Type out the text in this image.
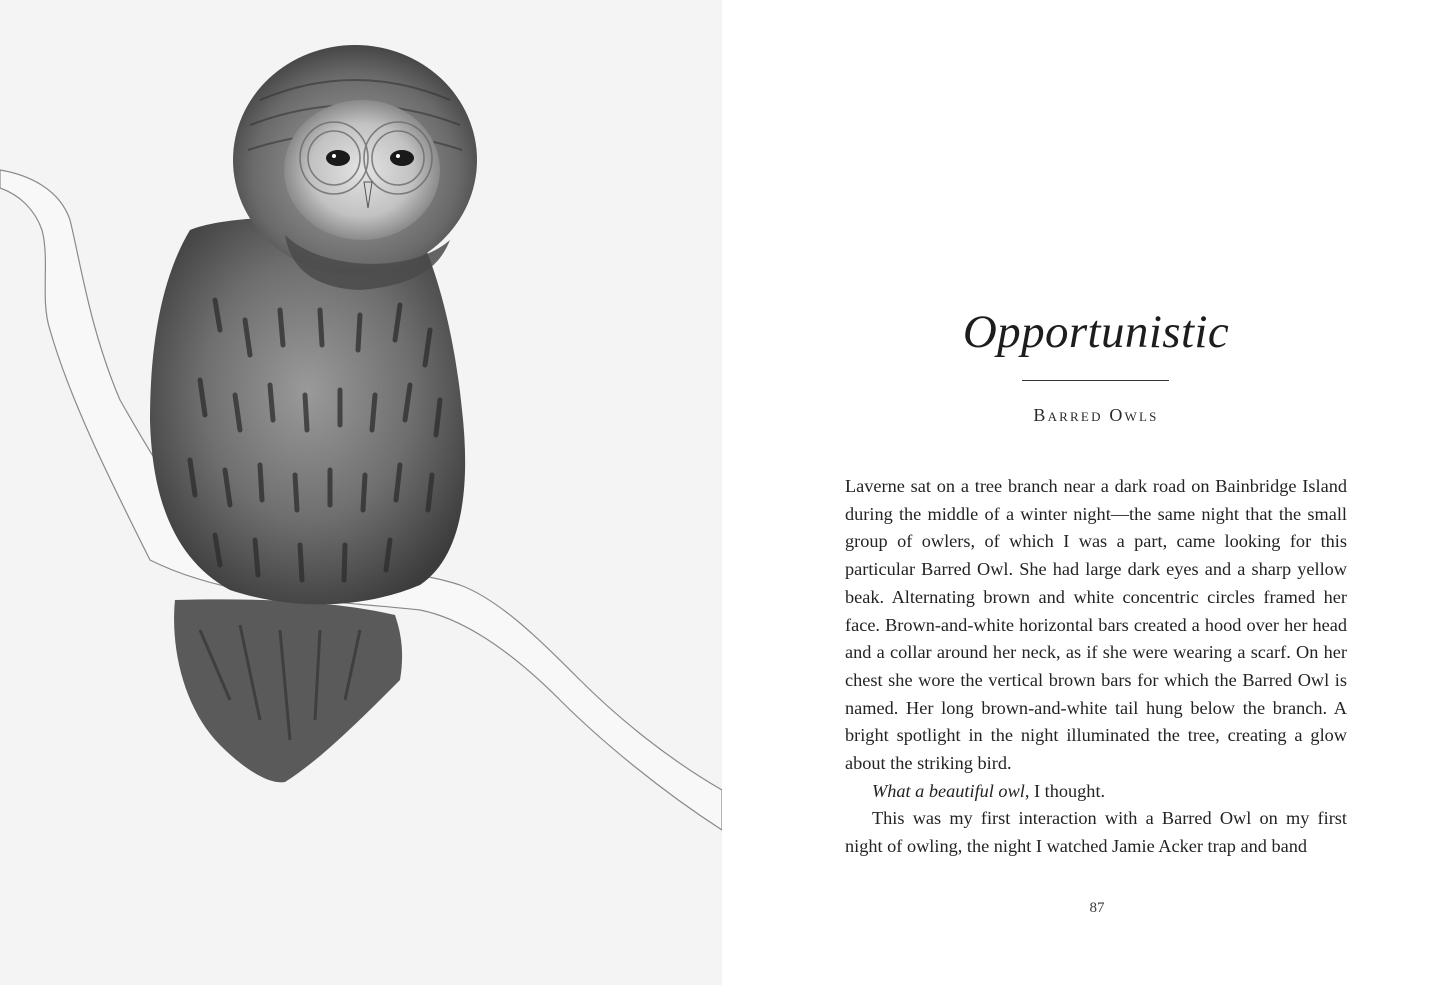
Opportunistic
Barred Owls

Laverne sat on a tree branch near a dark road on Bainbridge Island during the middle of a winter night—the same night that the small group of owlers, of which I was a part, came looking for this particular Barred Owl. She had large dark eyes and a sharp yellow beak. Alternating brown and white concentric circles framed her face. Brown-and-white horizontal bars created a hood over her head and a collar around her neck, as if she were wearing a scarf. On her chest she wore the vertical brown bars for which the Barred Owl is named. Her long brown-and-white tail hung below the branch. A bright spotlight in the night illuminated the tree, creating a glow about the striking bird.

What a beautiful owl, I thought.

This was my first interaction with a Barred Owl on my first night of owling, the night I watched Jamie Acker trap and band

87
